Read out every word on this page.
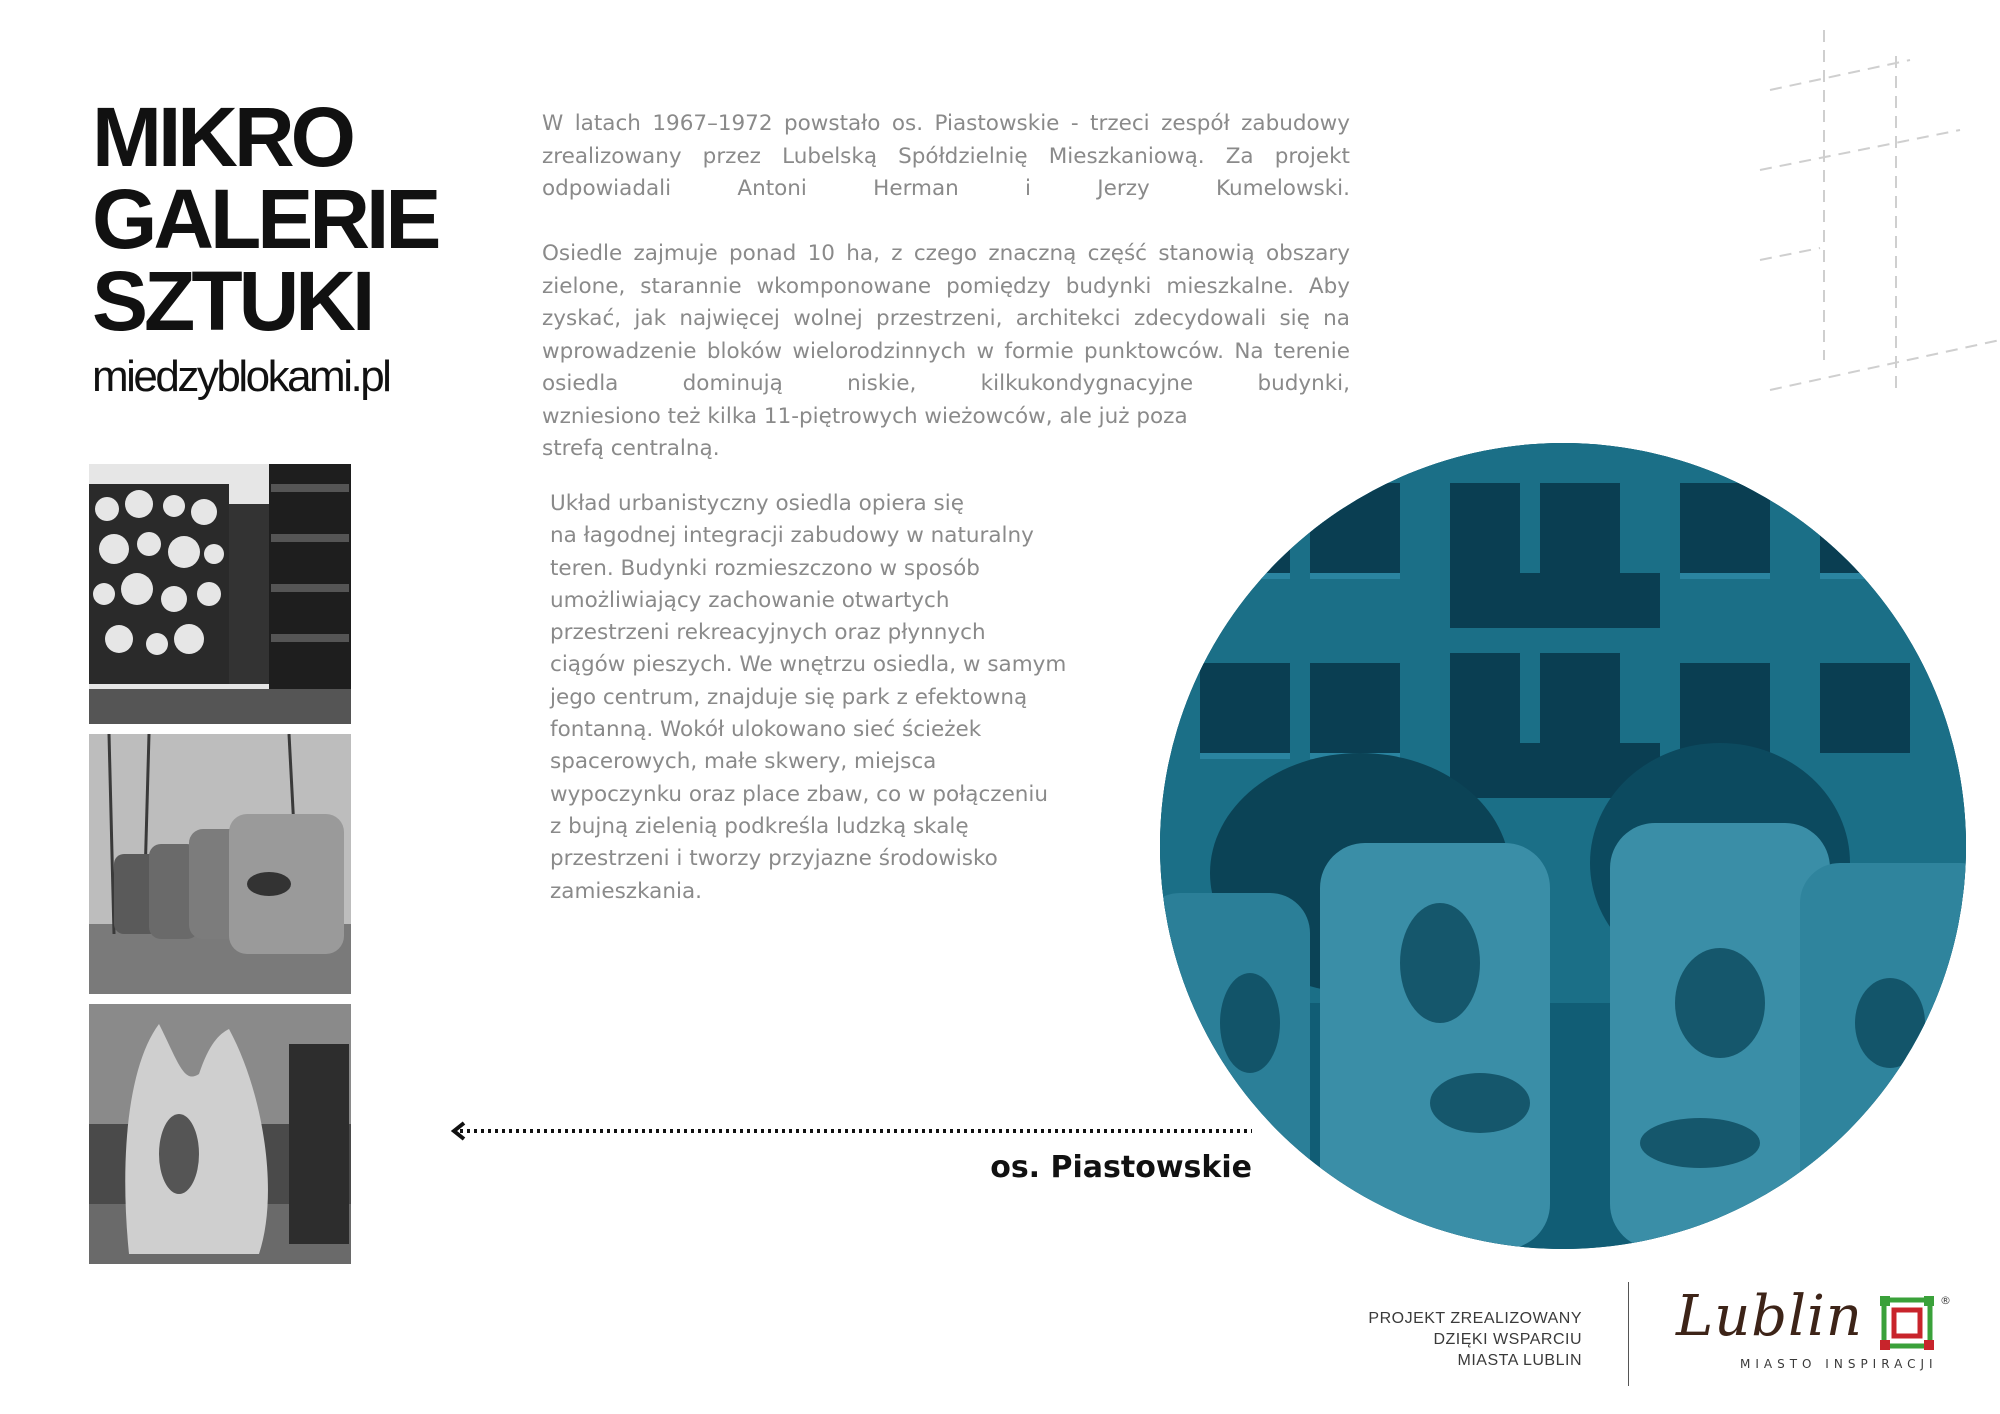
MIKRO
GALERIE
SZTUKI
miedzyblokami.pl
W latach 1967–1972 powstało os. Piastowskie - trzeci zespół zabudowy zrealizowany przez Lubelską Spółdzielnię Mieszkaniową. Za projekt odpowiadali Antoni Herman i Jerzy Kumelowski.
Osiedle zajmuje ponad 10 ha, z czego znaczną część stanowią obszary zielone, starannie wkomponowane pomiędzy budynki mieszkalne. Aby zyskać, jak najwięcej wolnej przestrzeni, architekci zdecydowali się na wprowadzenie bloków wielorodzinnych w formie punktowców. Na terenie osiedla dominują niskie, kilkukondygnacyjne budynki,
wzniesiono też kilka 11-piętrowych wieżowców, ale już poza
strefą centralną.
Układ urbanistyczny osiedla opiera się
na łagodnej integracji zabudowy w naturalny
teren. Budynki rozmieszczono w sposób
umożliwiający zachowanie otwartych
przestrzeni rekreacyjnych oraz płynnych
ciągów pieszych. We wnętrzu osiedla, w samym
jego centrum, znajduje się park z efektowną
fontanną. Wokół ulokowano sieć ścieżek
spacerowych, małe skwery, miejsca
wypoczynku oraz place zbaw, co w połączeniu
z bujną zielenią podkreśla ludzką skalę
przestrzeni i tworzy przyjazne środowisko
zamieszkania.
os. Piastowskie
PROJEKT ZREALIZOWANY
DZIĘKI WSPARCIU
MIASTA LUBLIN
Lublin
MIASTO INSPIRACJI
®
